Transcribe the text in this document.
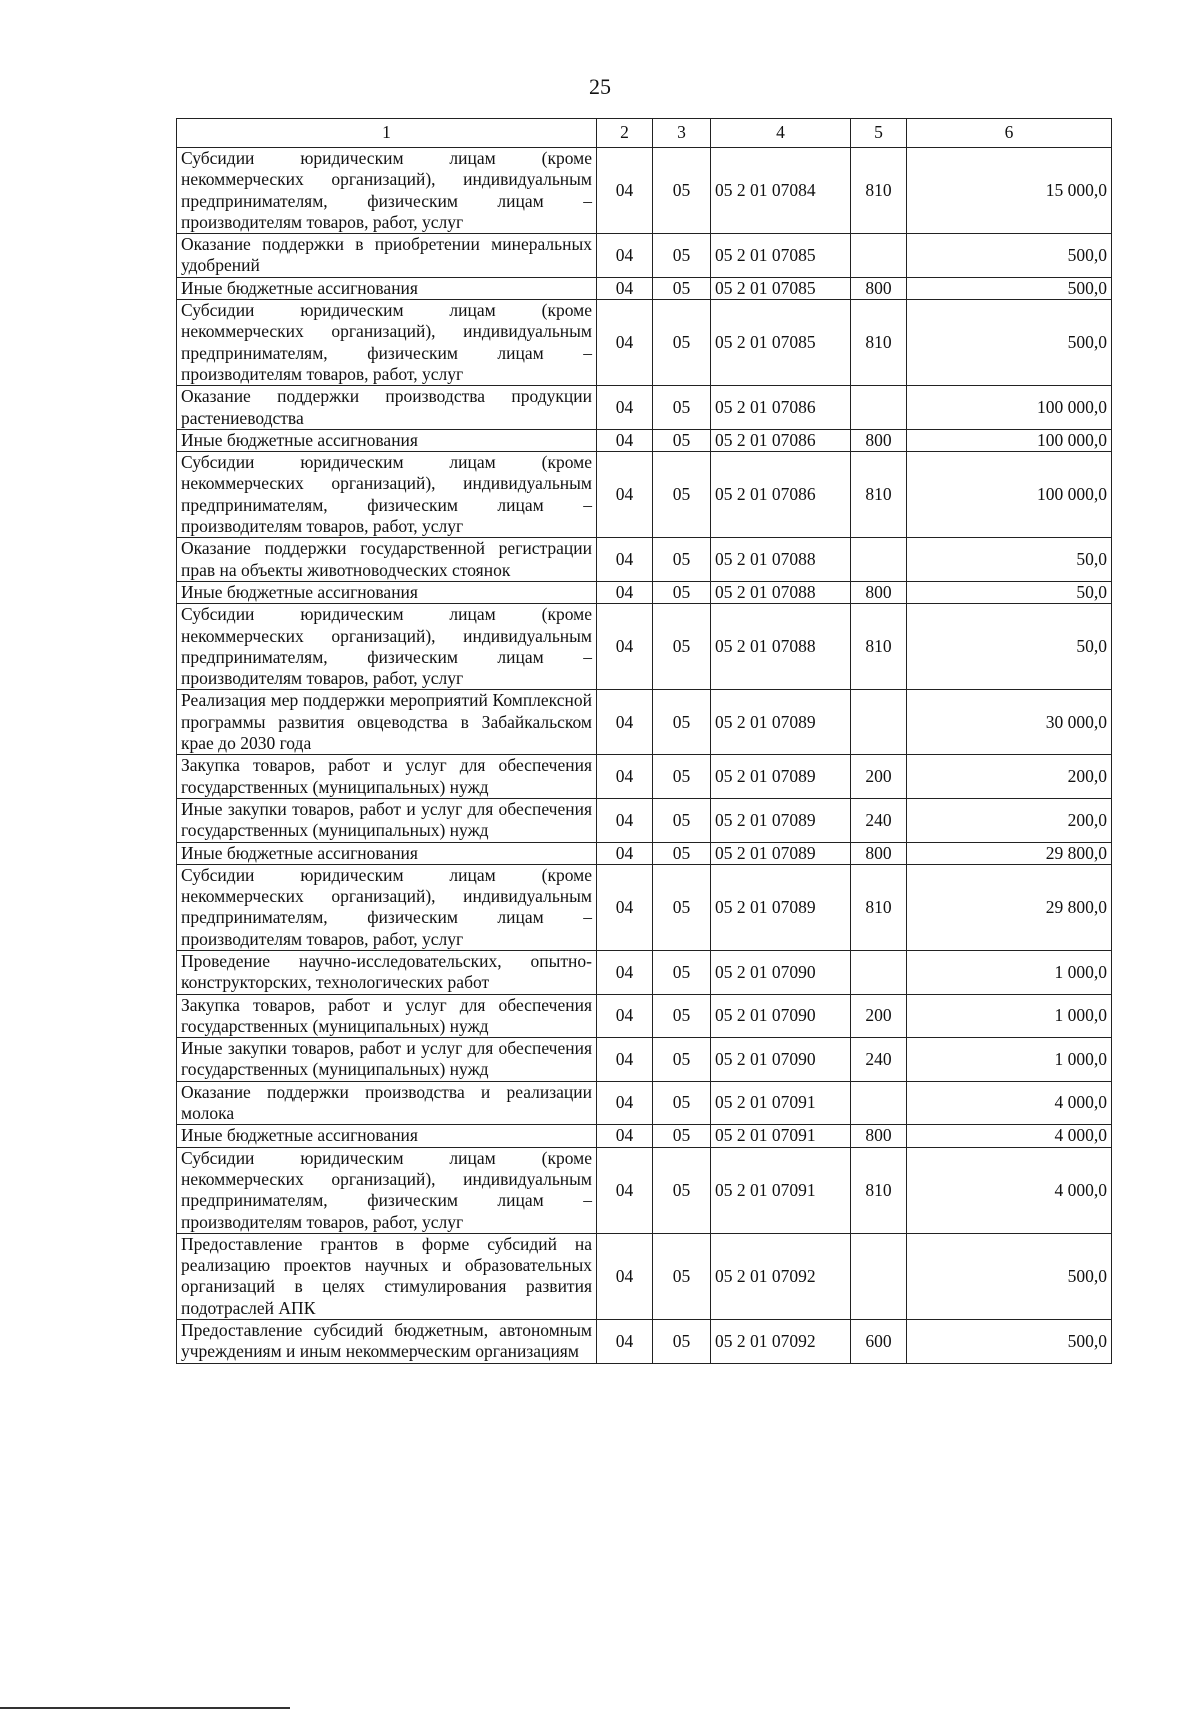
25
1	2	3	4	5	6
Субсидии юридическим лицам (кроме некоммерческих организаций), индивидуальным предпринимателям, физическим лицам – производителям товаров, работ, услуг	04	05	05 2 01 07084	810	15 000,0
Оказание поддержки в приобретении минеральных удобрений	04	05	05 2 01 07085		500,0
Иные бюджетные ассигнования	04	05	05 2 01 07085	800	500,0
Субсидии юридическим лицам (кроме некоммерческих организаций), индивидуальным предпринимателям, физическим лицам – производителям товаров, работ, услуг	04	05	05 2 01 07085	810	500,0
Оказание поддержки производства продукции растениеводства	04	05	05 2 01 07086		100 000,0
Иные бюджетные ассигнования	04	05	05 2 01 07086	800	100 000,0
Субсидии юридическим лицам (кроме некоммерческих организаций), индивидуальным предпринимателям, физическим лицам – производителям товаров, работ, услуг	04	05	05 2 01 07086	810	100 000,0
Оказание поддержки государственной регистрации прав на объекты животноводческих стоянок	04	05	05 2 01 07088		50,0
Иные бюджетные ассигнования	04	05	05 2 01 07088	800	50,0
Субсидии юридическим лицам (кроме некоммерческих организаций), индивидуальным предпринимателям, физическим лицам – производителям товаров, работ, услуг	04	05	05 2 01 07088	810	50,0
Реализация мер поддержки мероприятий Комплексной программы развития овцеводства в Забайкальском крае до 2030 года	04	05	05 2 01 07089		30 000,0
Закупка товаров, работ и услуг для обеспечения государственных (муниципальных) нужд	04	05	05 2 01 07089	200	200,0
Иные закупки товаров, работ и услуг для обеспечения государственных (муниципальных) нужд	04	05	05 2 01 07089	240	200,0
Иные бюджетные ассигнования	04	05	05 2 01 07089	800	29 800,0
Субсидии юридическим лицам (кроме некоммерческих организаций), индивидуальным предпринимателям, физическим лицам – производителям товаров, работ, услуг	04	05	05 2 01 07089	810	29 800,0
Проведение научно-исследовательских, опытно-конструкторских, технологических работ	04	05	05 2 01 07090		1 000,0
Закупка товаров, работ и услуг для обеспечения государственных (муниципальных) нужд	04	05	05 2 01 07090	200	1 000,0
Иные закупки товаров, работ и услуг для обеспечения государственных (муниципальных) нужд	04	05	05 2 01 07090	240	1 000,0
Оказание поддержки производства и реализации молока	04	05	05 2 01 07091		4 000,0
Иные бюджетные ассигнования	04	05	05 2 01 07091	800	4 000,0
Субсидии юридическим лицам (кроме некоммерческих организаций), индивидуальным предпринимателям, физическим лицам – производителям товаров, работ, услуг	04	05	05 2 01 07091	810	4 000,0
Предоставление грантов в форме субсидий на реализацию проектов научных и образовательных организаций в целях стимулирования развития подотраслей АПК	04	05	05 2 01 07092		500,0
Предоставление субсидий бюджетным, автономным учреждениям и иным некоммерческим организациям	04	05	05 2 01 07092	600	500,0
